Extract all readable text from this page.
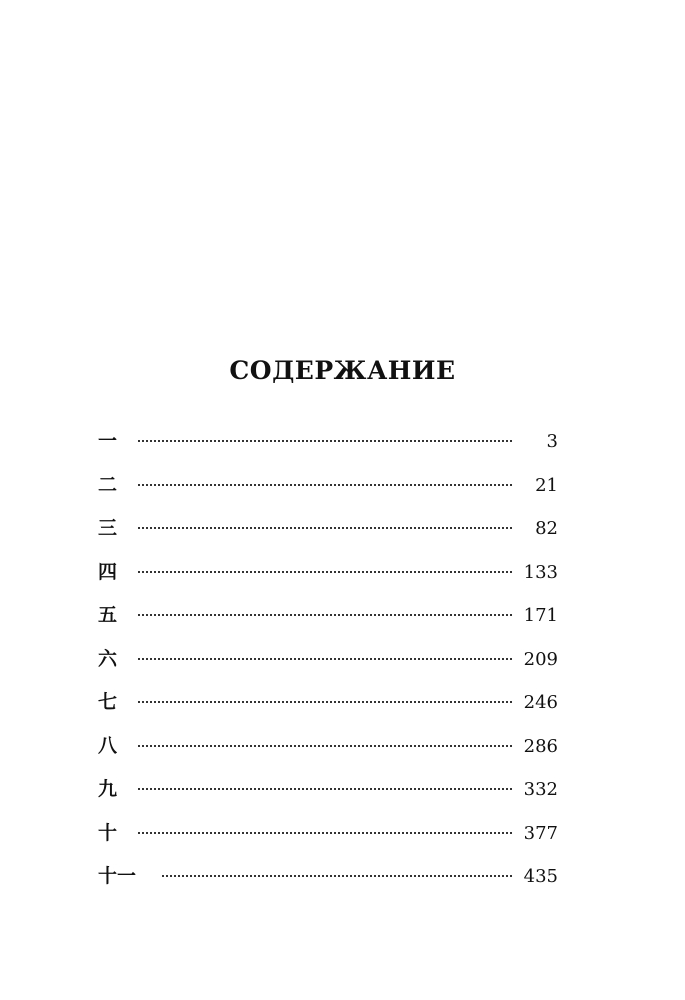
СОДЕРЖАНИЕ
一	3
二	21
三	82
四	133
五	171
六	209
七	246
八	286
九	332
十	377
十一	435
